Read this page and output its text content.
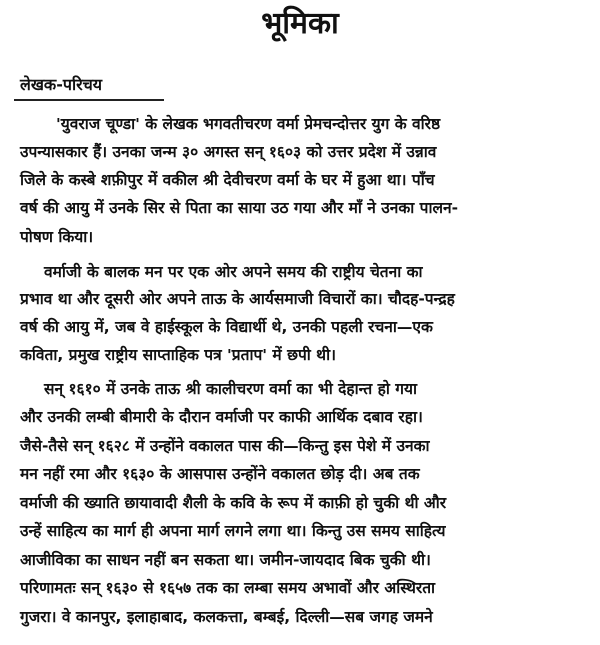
भूमिका
लेखक-परिचय
'युवराज चूण्डा' के लेखक भगवतीचरण वर्मा प्रेमचन्दोत्तर युग के वरिष्ठ
उपन्यासकार हैं। उनका जन्म ३० अगस्त सन् १६०३ को उत्तर प्रदेश में उन्नाव
जिले के कस्बे शफ़ीपुर में वकील श्री देवीचरण वर्मा के घर में हुआ था। पाँच
वर्ष की आयु में उनके सिर से पिता का साया उठ गया और माँ ने उनका पालन-
पोषण किया।
वर्माजी के बालक मन पर एक ओर अपने समय की राष्ट्रीय चेतना का
प्रभाव था और दूसरी ओर अपने ताऊ के आर्यसमाजी विचारों का। चौदह-पन्द्रह
वर्ष की आयु में, जब वे हाईस्कूल के विद्यार्थी थे, उनकी पहली रचना—एक
कविता, प्रमुख राष्ट्रीय साप्ताहिक पत्र 'प्रताप' में छपी थी।
सन् १६१० में उनके ताऊ श्री कालीचरण वर्मा का भी देहान्त हो गया
और उनकी लम्बी बीमारी के दौरान वर्माजी पर काफी आर्थिक दबाव रहा।
जैसे-तैसे सन् १६२८ में उन्होंने वकालत पास की—किन्तु इस पेशे में उनका
मन नहीं रमा और १६३० के आसपास उन्होंने वकालत छोड़ दी। अब तक
वर्माजी की ख्याति छायावादी शैली के कवि के रूप में काफ़ी हो चुकी थी और
उन्हें साहित्य का मार्ग ही अपना मार्ग लगने लगा था। किन्तु उस समय साहित्य
आजीविका का साधन नहीं बन सकता था। जमीन-जायदाद बिक चुकी थी।
परिणामतः सन् १६३० से १६५७ तक का लम्बा समय अभावों और अस्थिरता
गुजरा। वे कानपुर, इलाहाबाद, कलकत्ता, बम्बई, दिल्ली—सब जगह जमने
